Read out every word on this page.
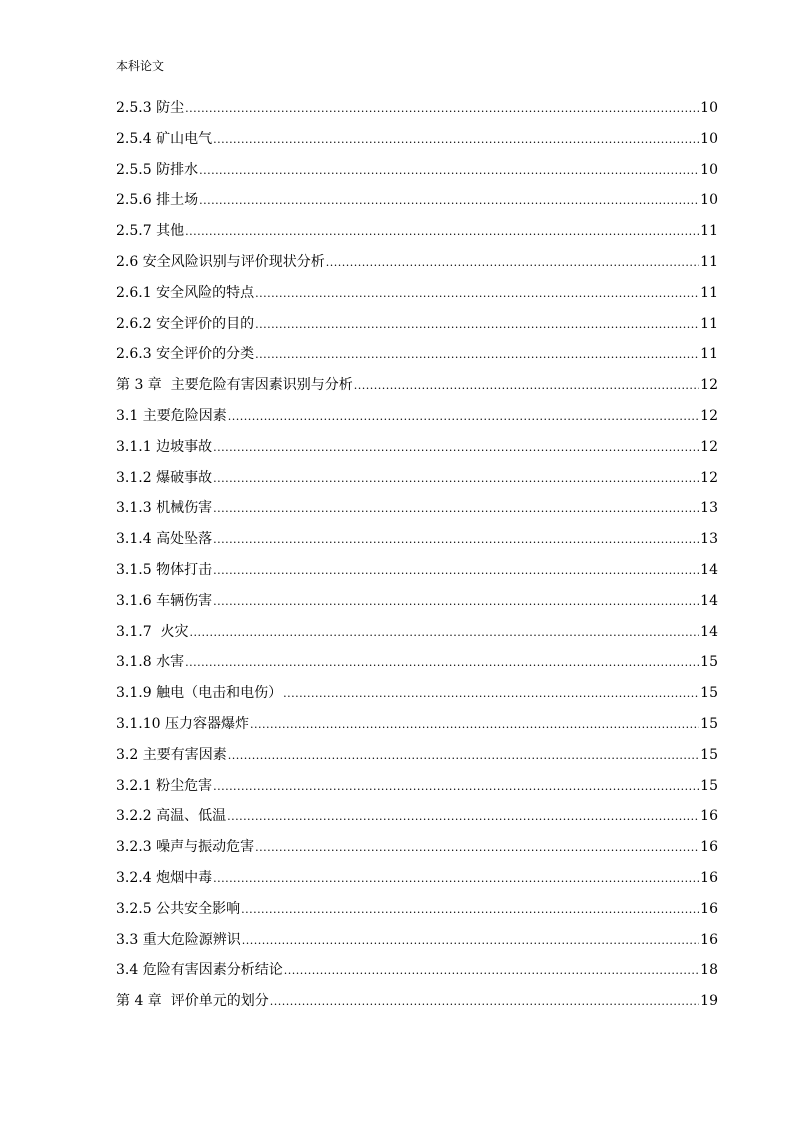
本科论文
2.5.3 防尘 .....	10
2.5.4 矿山电气 .....	10
2.5.5 防排水 .....	10
2.5.6 排土场 .....	10
2.5.7 其他 .....	11
2.6 安全风险识别与评价现状分析 .....	11
2.6.1 安全风险的特点 .....	11
2.6.2 安全评价的目的 .....	11
2.6.3 安全评价的分类 .....	11
第 3 章  主要危险有害因素识别与分析 .....	12
3.1 主要危险因素 .....	12
3.1.1 边坡事故 .....	12
3.1.2 爆破事故 .....	12
3.1.3 机械伤害 .....	13
3.1.4 高处坠落 .....	13
3.1.5 物体打击 .....	14
3.1.6 车辆伤害 .....	14
3.1.7  火灾 .....	14
3.1.8 水害 .....	15
3.1.9 触电（电击和电伤） .....	15
3.1.10 压力容器爆炸 .....	15
3.2 主要有害因素 .....	15
3.2.1 粉尘危害 .....	15
3.2.2 高温、低温 .....	16
3.2.3 噪声与振动危害 .....	16
3.2.4 炮烟中毒 .....	16
3.2.5 公共安全影响 .....	16
3.3 重大危险源辨识 .....	16
3.4 危险有害因素分析结论 .....	18
第 4 章  评价单元的划分 .....	19
